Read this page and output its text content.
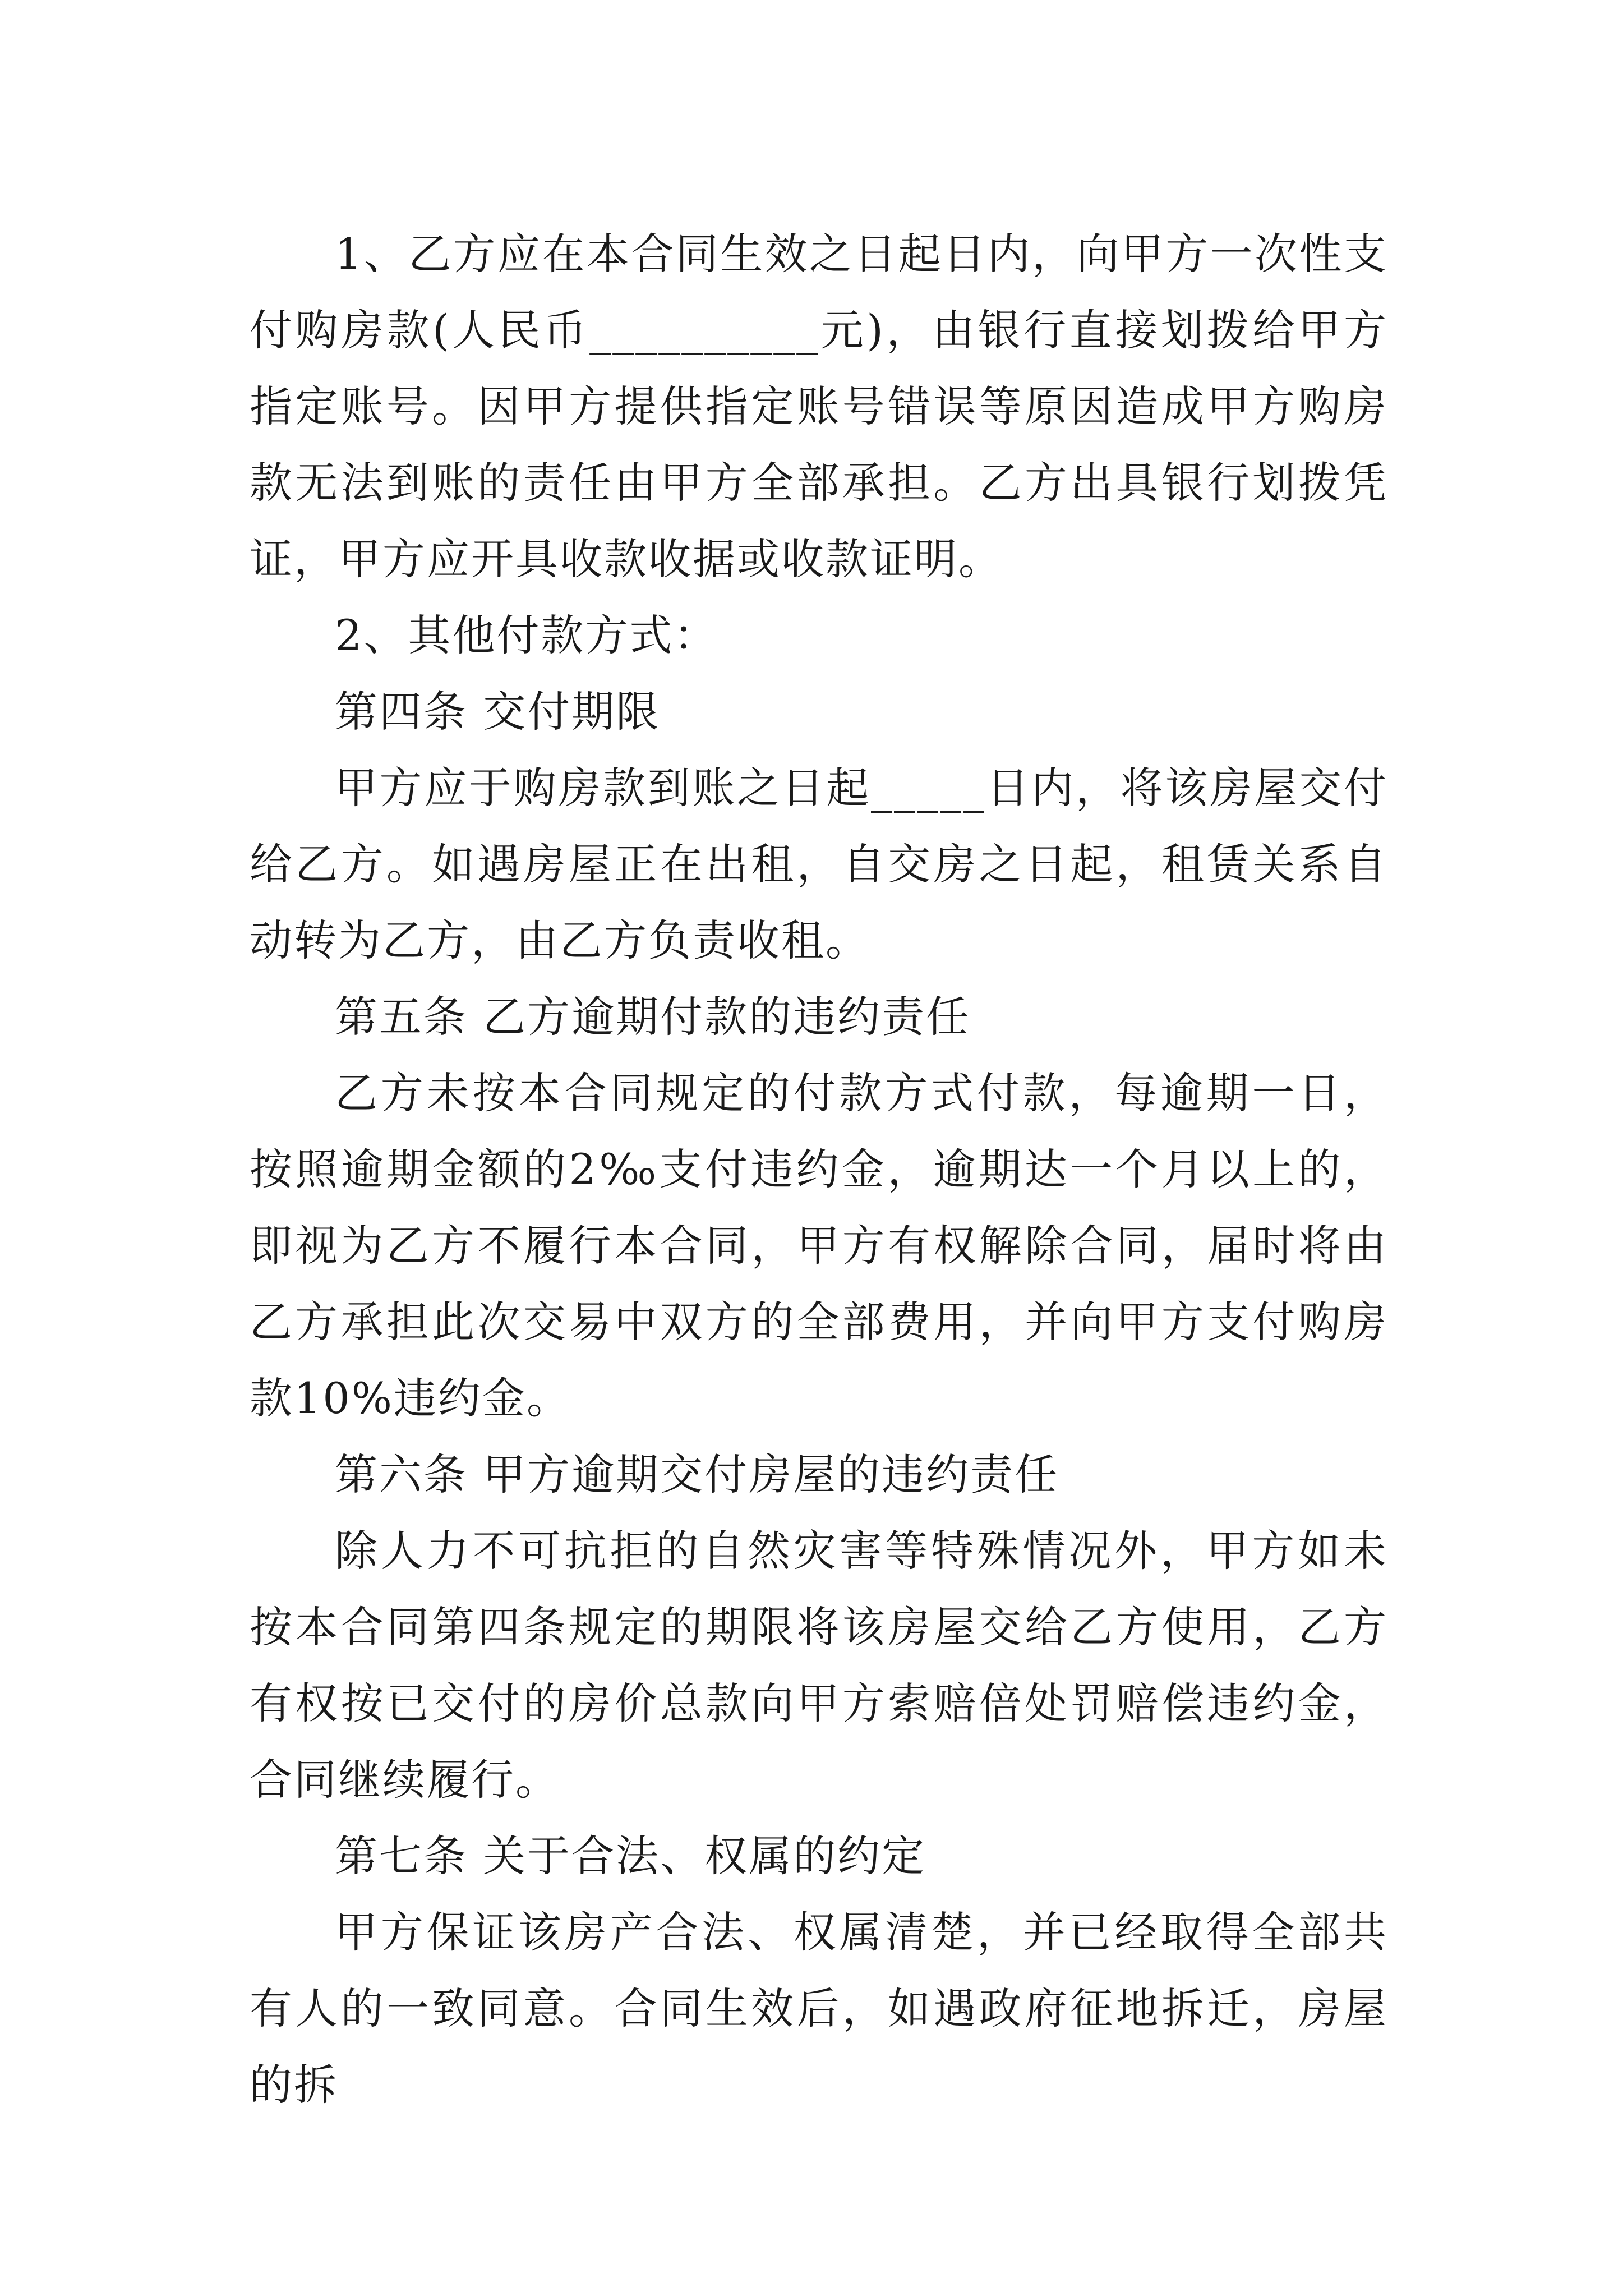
1、乙方应在本合同生效之日起日内，向甲方一次性支付购房款(人民币__________元)，由银行直接划拨给甲方指定账号。因甲方提供指定账号错误等原因造成甲方购房款无法到账的责任由甲方全部承担。乙方出具银行划拨凭证，甲方应开具收款收据或收款证明。

2、其他付款方式：

第四条 交付期限

甲方应于购房款到账之日起_____日内，将该房屋交付给乙方。如遇房屋正在出租，自交房之日起，租赁关系自动转为乙方，由乙方负责收租。

第五条 乙方逾期付款的违约责任

乙方未按本合同规定的付款方式付款，每逾期一日，按照逾期金额的2‰支付违约金，逾期达一个月以上的，即视为乙方不履行本合同，甲方有权解除合同，届时将由乙方承担此次交易中双方的全部费用，并向甲方支付购房款10%违约金。

第六条 甲方逾期交付房屋的违约责任

除人力不可抗拒的自然灾害等特殊情况外，甲方如未按本合同第四条规定的期限将该房屋交给乙方使用，乙方有权按已交付的房价总款向甲方索赔倍处罚赔偿违约金，合同继续履行。

第七条 关于合法、权属的约定

甲方保证该房产合法、权属清楚，并已经取得全部共有人的一致同意。合同生效后，如遇政府征地拆迁，房屋的拆
